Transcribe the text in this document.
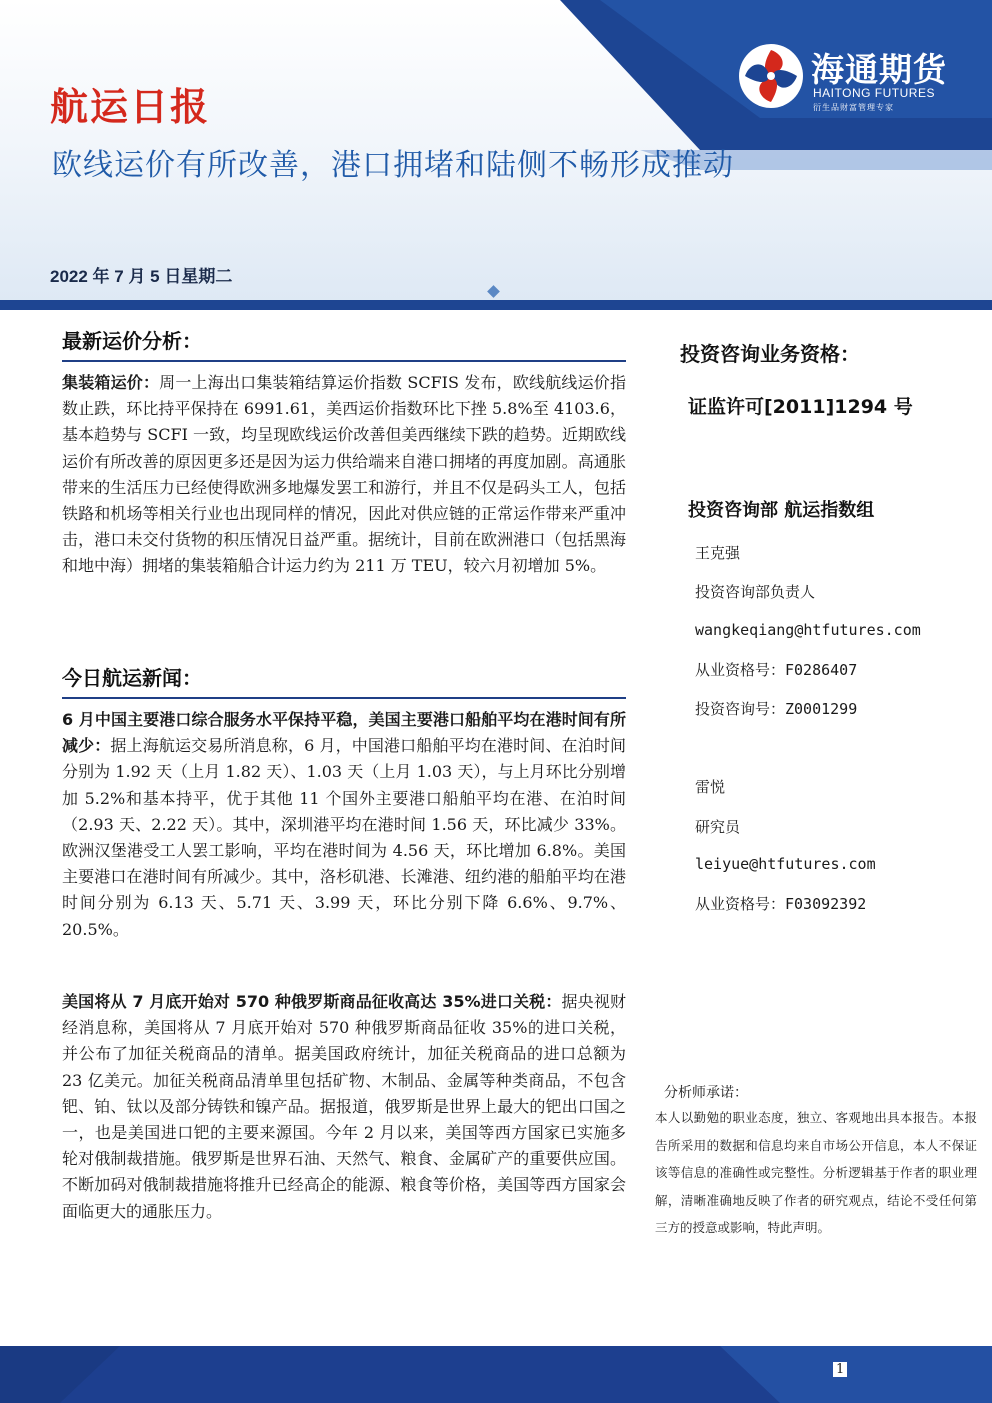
航运日报
欧线运价有所改善，港口拥堵和陆侧不畅形成推动
2022 年 7 月 5 日星期二
海通期货
HAITONG FUTURES
衍生品财富管理专家
最新运价分析：

集装箱运价：周一上海出口集装箱结算运价指数 SCFIS 发布，欧线航线运价指数止跌，环比持平保持在 6991.61，美西运价指数环比下挫 5.8%至 4103.6，基本趋势与 SCFI 一致，均呈现欧线运价改善但美西继续下跌的趋势。近期欧线运价有所改善的原因更多还是因为运力供给端来自港口拥堵的再度加剧。高通胀带来的生活压力已经使得欧洲多地爆发罢工和游行，并且不仅是码头工人，包括铁路和机场等相关行业也出现同样的情况，因此对供应链的正常运作带来严重冲击，港口未交付货物的积压情况日益严重。据统计，目前在欧洲港口（包括黑海和地中海）拥堵的集装箱船合计运力约为 211 万 TEU，较六月初增加 5%。

今日航运新闻：

6 月中国主要港口综合服务水平保持平稳，美国主要港口船舶平均在港时间有所减少：据上海航运交易所消息称，6 月，中国港口船舶平均在港时间、在泊时间分别为 1.92 天（上月 1.82 天）、1.03 天（上月 1.03 天），与上月环比分别增加 5.2%和基本持平，优于其他 11 个国外主要港口船舶平均在港、在泊时间（2.93 天、2.22 天）。其中，深圳港平均在港时间 1.56 天，环比减少 33%。欧洲汉堡港受工人罢工影响，平均在港时间为 4.56 天，环比增加 6.8%。美国主要港口在港时间有所减少。其中，洛杉矶港、长滩港、纽约港的船舶平均在港时间分别为 6.13 天、5.71 天、3.99 天，环比分别下降 6.6%、9.7%、20.5%。

美国将从 7 月底开始对 570 种俄罗斯商品征收高达 35%进口关税：据央视财经消息称，美国将从 7 月底开始对 570 种俄罗斯商品征收 35%的进口关税，并公布了加征关税商品的清单。据美国政府统计，加征关税商品的进口总额为 23 亿美元。加征关税商品清单里包括矿物、木制品、金属等种类商品，不包含钯、铂、钛以及部分铸铁和镍产品。据报道，俄罗斯是世界上最大的钯出口国之一，也是美国进口钯的主要来源国。今年 2 月以来，美国等西方国家已实施多轮对俄制裁措施。俄罗斯是世界石油、天然气、粮食、金属矿产的重要供应国。不断加码对俄制裁措施将推升已经高企的能源、粮食等价格，美国等西方国家会面临更大的通胀压力。

投资咨询业务资格：
证监许可[2011]1294 号
投资咨询部 航运指数组
王克强
投资咨询部负责人
wangkeqiang@htfutures.com
从业资格号：F0286407
投资咨询号：Z0001299
雷悦
研究员
leiyue@htfutures.com
从业资格号：F03092392
分析师承诺：
本人以勤勉的职业态度，独立、客观地出具本报告。本报告所采用的数据和信息均来自市场公开信息，本人不保证该等信息的准确性或完整性。分析逻辑基于作者的职业理解，清晰准确地反映了作者的研究观点，结论不受任何第三方的授意或影响，特此声明。
1
